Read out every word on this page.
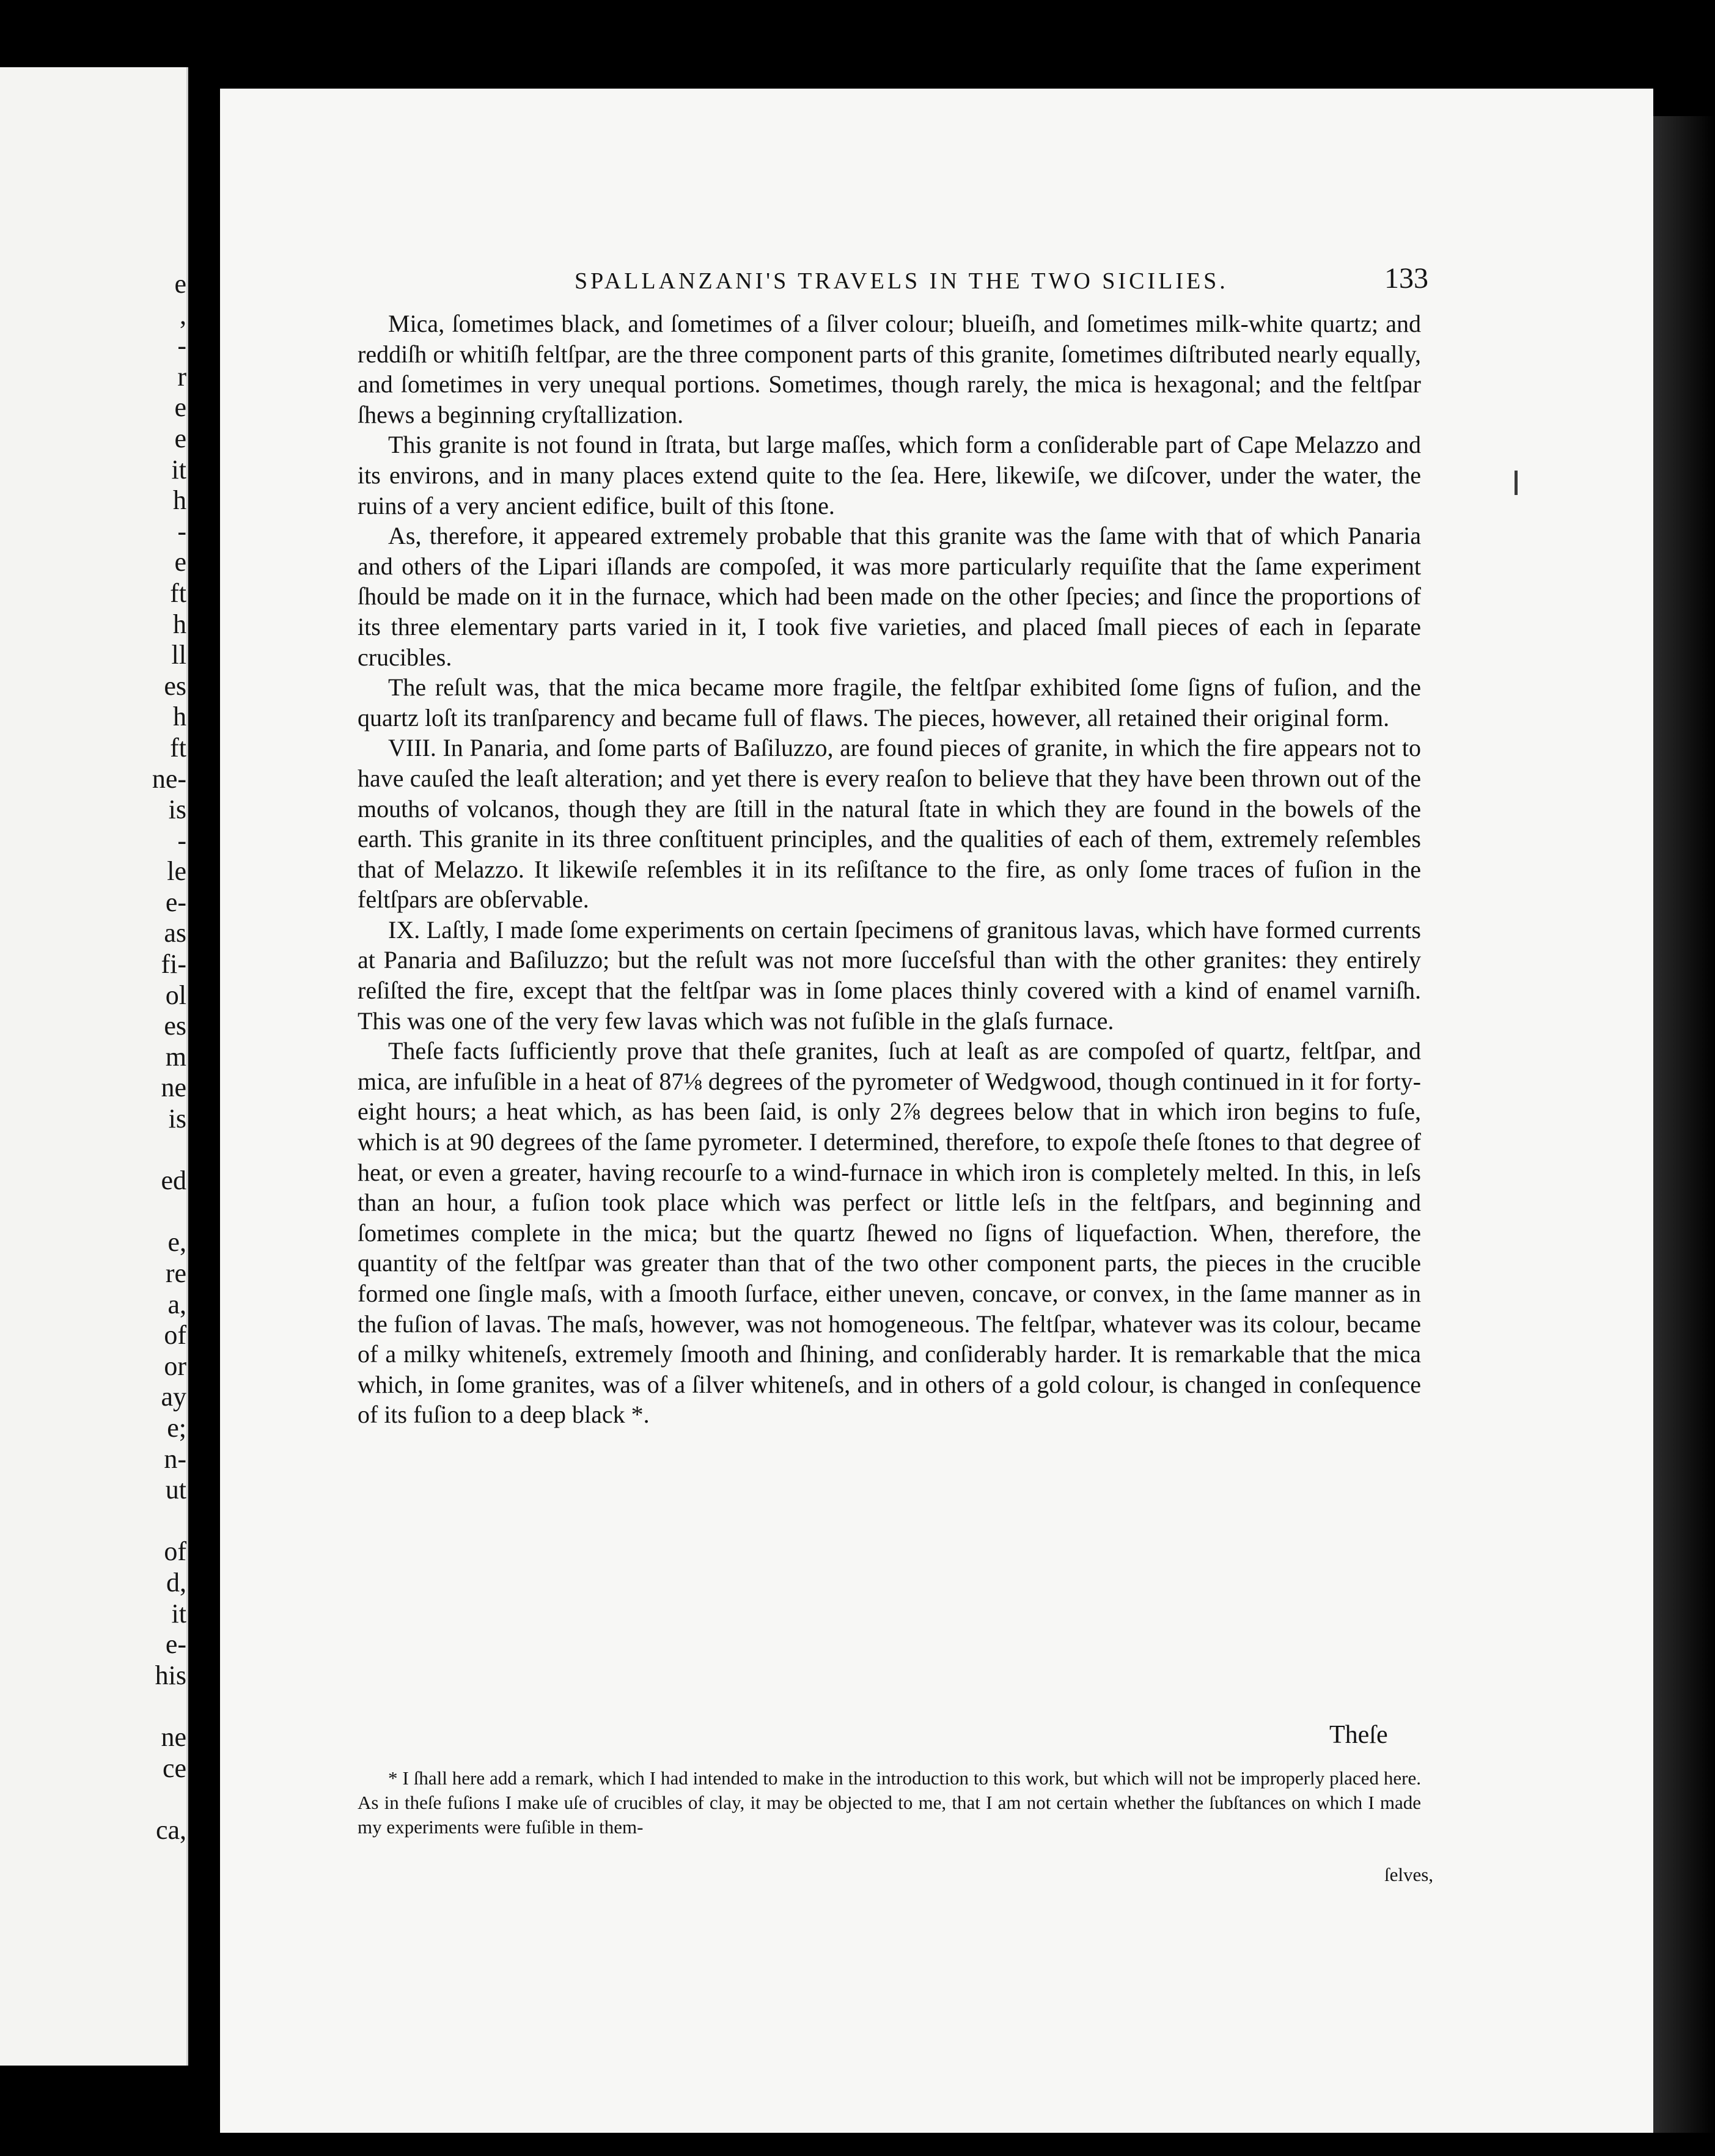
e
,
-
r
e
e
it
h
-
e
ft
h
ll
es
h
ft
ne-
is
-
le
e-
as
fi-
ol
es
m
ne
is
ed
e,
re
a,
of
or
ay
e;
n-
ut
of
d,
it
e-
his
ne
ce
ca,
SPALLANZANI'S TRAVELS IN THE TWO SICILIES.	133

Mica, ſometimes black, and ſometimes of a ſilver colour; blueiſh, and ſometimes milk-white quartz; and reddiſh or whitiſh feltſpar, are the three component parts of this granite, ſometimes diſtributed nearly equally, and ſometimes in very unequal portions. Sometimes, though rarely, the mica is hexagonal; and the feltſpar ſhews a beginning cryſtallization.

This granite is not found in ſtrata, but large maſſes, which form a conſiderable part of Cape Melazzo and its environs, and in many places extend quite to the ſea. Here, likewiſe, we diſcover, under the water, the ruins of a very ancient edifice, built of this ſtone.

As, therefore, it appeared extremely probable that this granite was the ſame with that of which Panaria and others of the Lipari iſlands are compoſed, it was more particularly requiſite that the ſame experiment ſhould be made on it in the furnace, which had been made on the other ſpecies; and ſince the proportions of its three elementary parts varied in it, I took five varieties, and placed ſmall pieces of each in ſeparate crucibles.

The reſult was, that the mica became more fragile, the feltſpar exhibited ſome ſigns of fuſion, and the quartz loſt its tranſparency and became full of flaws. The pieces, however, all retained their original form.

VIII. In Panaria, and ſome parts of Baſiluzzo, are found pieces of granite, in which the fire appears not to have cauſed the leaſt alteration; and yet there is every reaſon to believe that they have been thrown out of the mouths of volcanos, though they are ſtill in the natural ſtate in which they are found in the bowels of the earth. This granite in its three conſtituent principles, and the qualities of each of them, extremely reſembles that of Melazzo. It likewiſe reſembles it in its reſiſtance to the fire, as only ſome traces of fuſion in the feltſpars are obſervable.

IX. Laſtly, I made ſome experiments on certain ſpecimens of granitous lavas, which have formed currents at Panaria and Baſiluzzo; but the reſult was not more ſucceſsful than with the other granites: they entirely reſiſted the fire, except that the feltſpar was in ſome places thinly covered with a kind of enamel varniſh. This was one of the very few lavas which was not fuſible in the glaſs furnace.

Theſe facts ſufficiently prove that theſe granites, ſuch at leaſt as are compoſed of quartz, feltſpar, and mica, are infuſible in a heat of 87⅛ degrees of the pyrometer of Wedgwood, though continued in it for forty-eight hours; a heat which, as has been ſaid, is only 2⅞ degrees below that in which iron begins to fuſe, which is at 90 degrees of the ſame pyrometer. I determined, therefore, to expoſe theſe ſtones to that degree of heat, or even a greater, having recourſe to a wind-furnace in which iron is completely melted. In this, in leſs than an hour, a fuſion took place which was perfect or little leſs in the feltſpars, and beginning and ſometimes complete in the mica; but the quartz ſhewed no ſigns of liquefaction. When, therefore, the quantity of the feltſpar was greater than that of the two other component parts, the pieces in the crucible formed one ſingle maſs, with a ſmooth ſurface, either uneven, concave, or convex, in the ſame manner as in the fuſion of lavas. The maſs, however, was not homogeneous. The feltſpar, whatever was its colour, became of a milky whiteneſs, extremely ſmooth and ſhining, and conſiderably harder. It is remarkable that the mica which, in ſome granites, was of a ſilver whiteneſs, and in others of a gold colour, is changed in conſequence of its fuſion to a deep black *.

Theſe
* I ſhall here add a remark, which I had intended to make in the introduction to this work, but which will not be improperly placed here. As in theſe fuſions I make uſe of crucibles of clay, it may be objected to me, that I am not certain whether the ſubſtances on which I made my experiments were fuſible in them-
ſelves,
